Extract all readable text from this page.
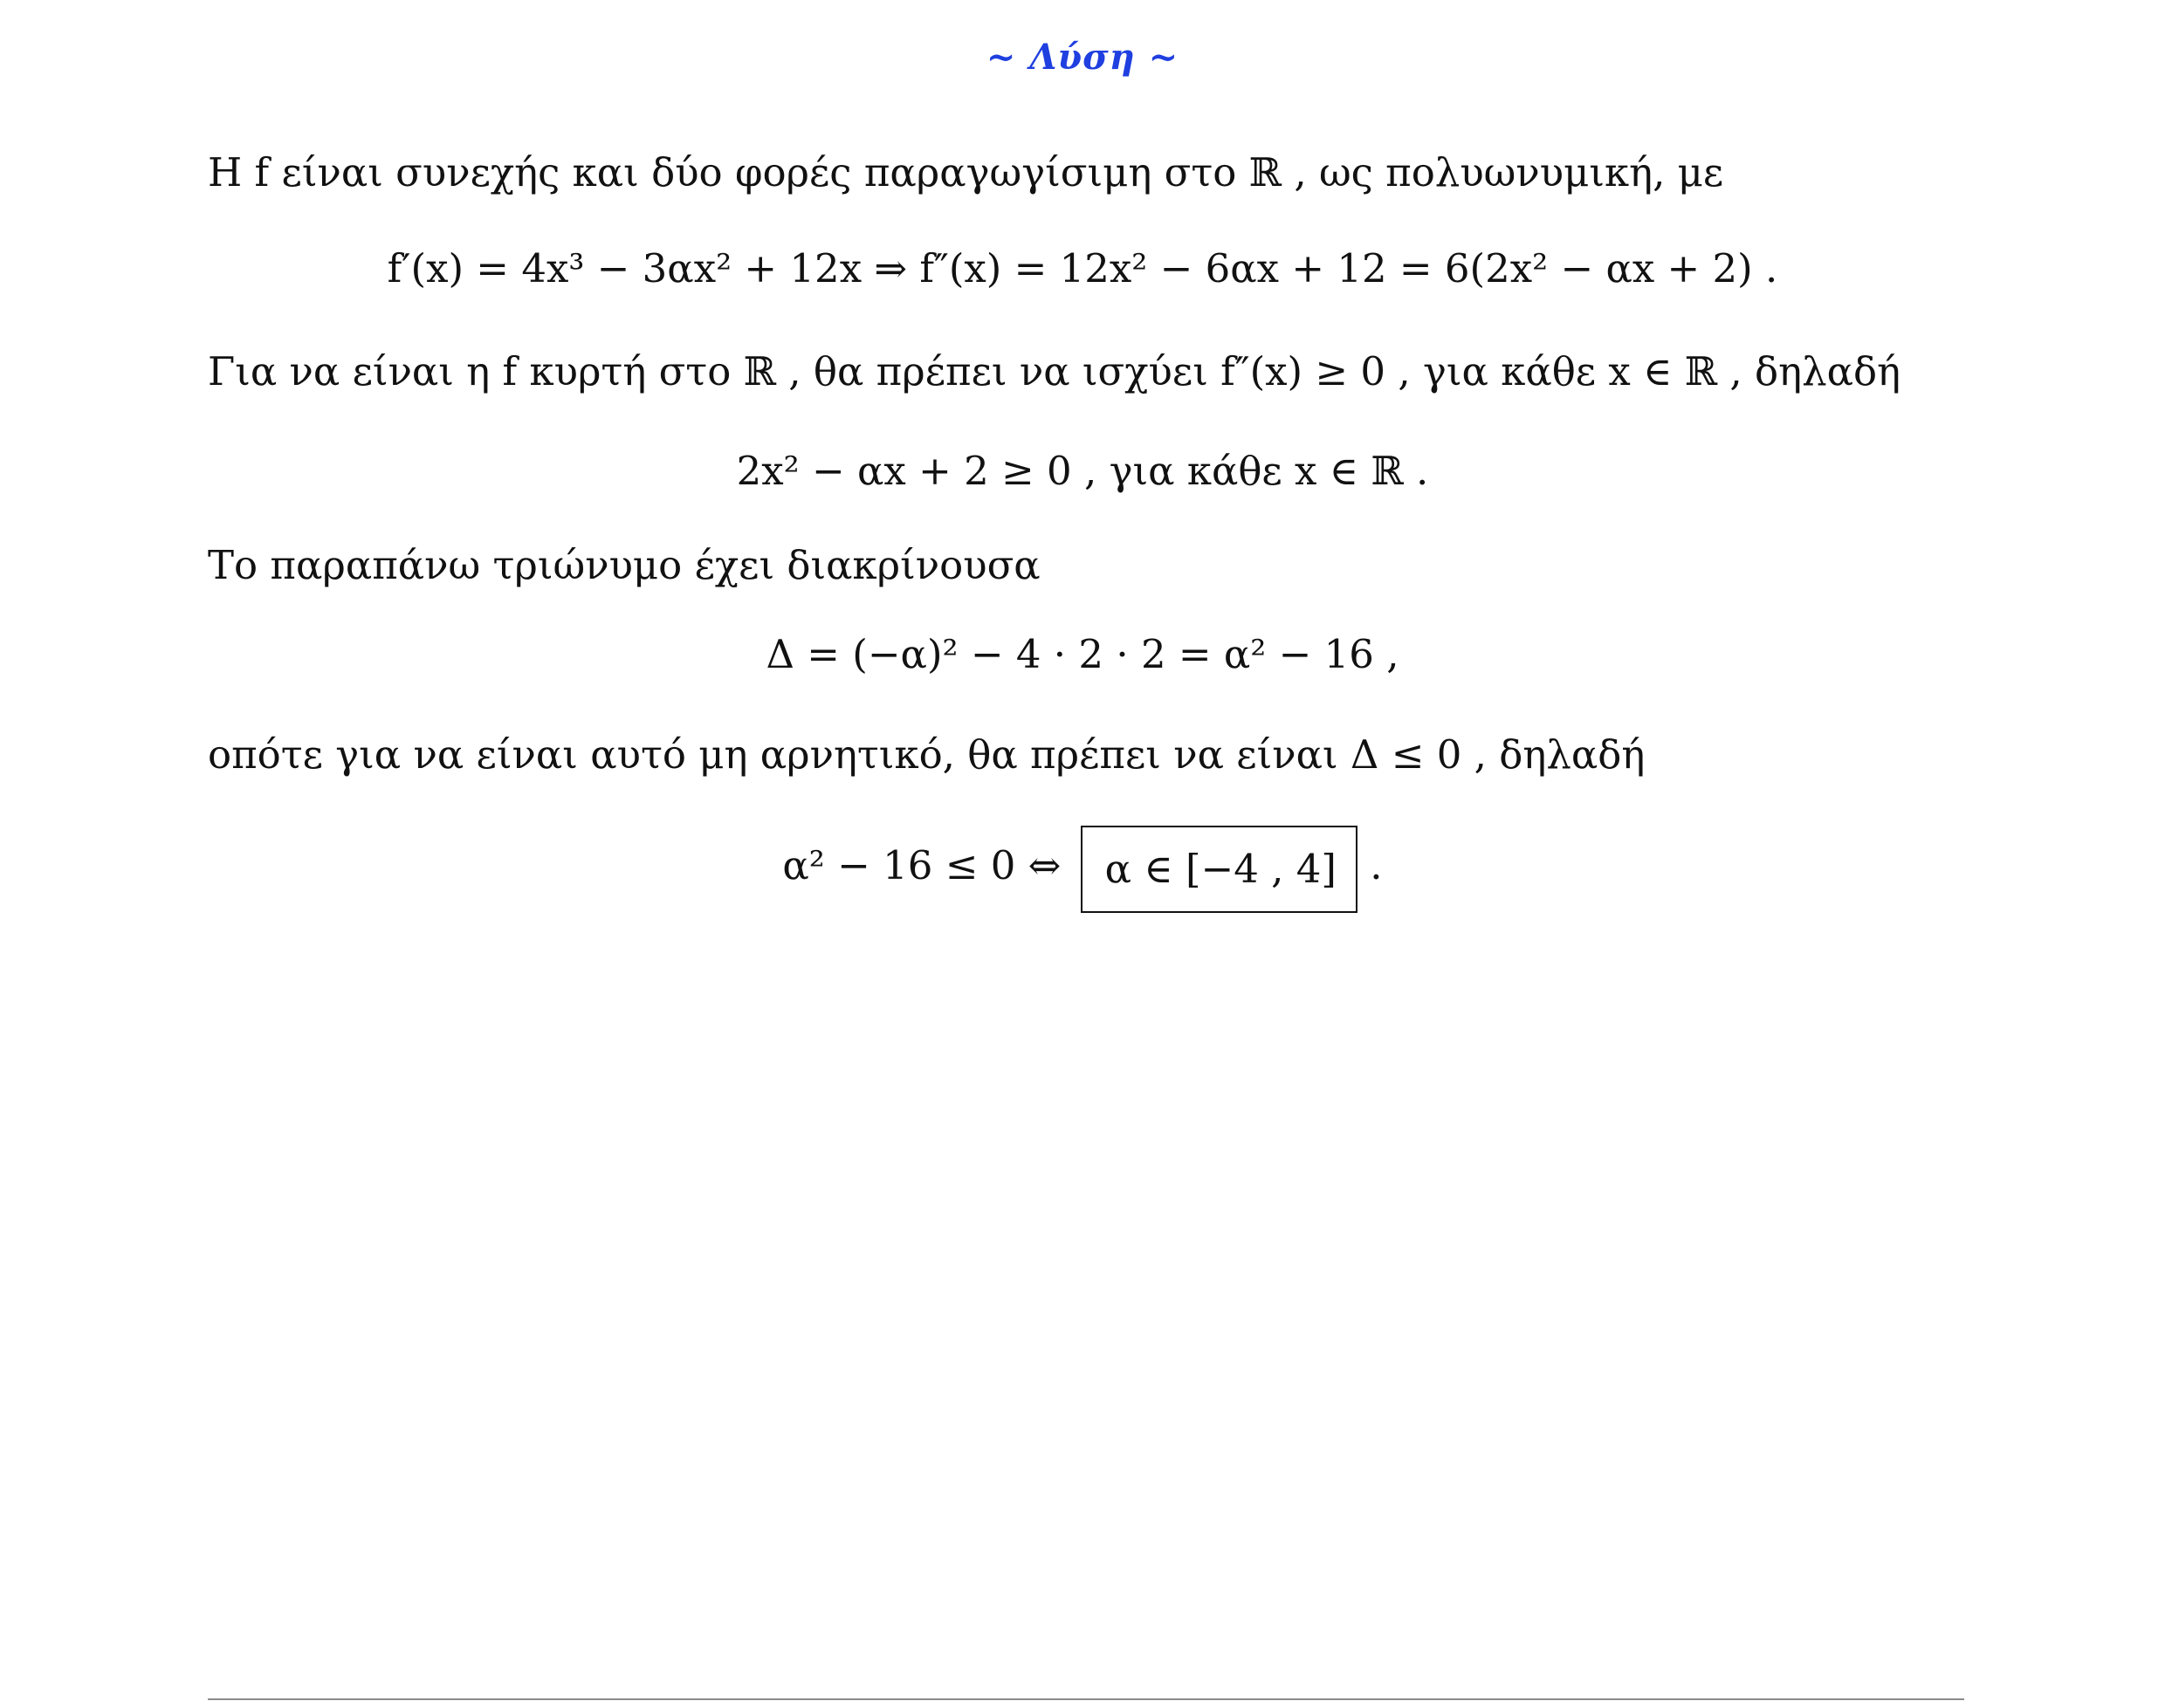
~ Λύση ~
Η f είναι συνεχής και δύο φορές παραγωγίσιμη στο ℝ , ως πολυωνυμική, με
f′(x) = 4x³ − 3αx² + 12x ⇒ f″(x) = 12x² − 6αx + 12 = 6(2x² − αx + 2) .
Για να είναι η f κυρτή στο ℝ , θα πρέπει να ισχύει f″(x) ≥ 0 , για κάθε x ∈ ℝ , δηλαδή
2x² − αx + 2 ≥ 0 , για κάθε x ∈ ℝ .
Το παραπάνω τριώνυμο έχει διακρίνουσα
Δ = (−α)² − 4 · 2 · 2 = α² − 16 ,
οπότε για να είναι αυτό μη αρνητικό, θα πρέπει να είναι Δ ≤ 0 , δηλαδή
α² − 16 ≤ 0 ⇔ α ∈ [−4 , 4] .
